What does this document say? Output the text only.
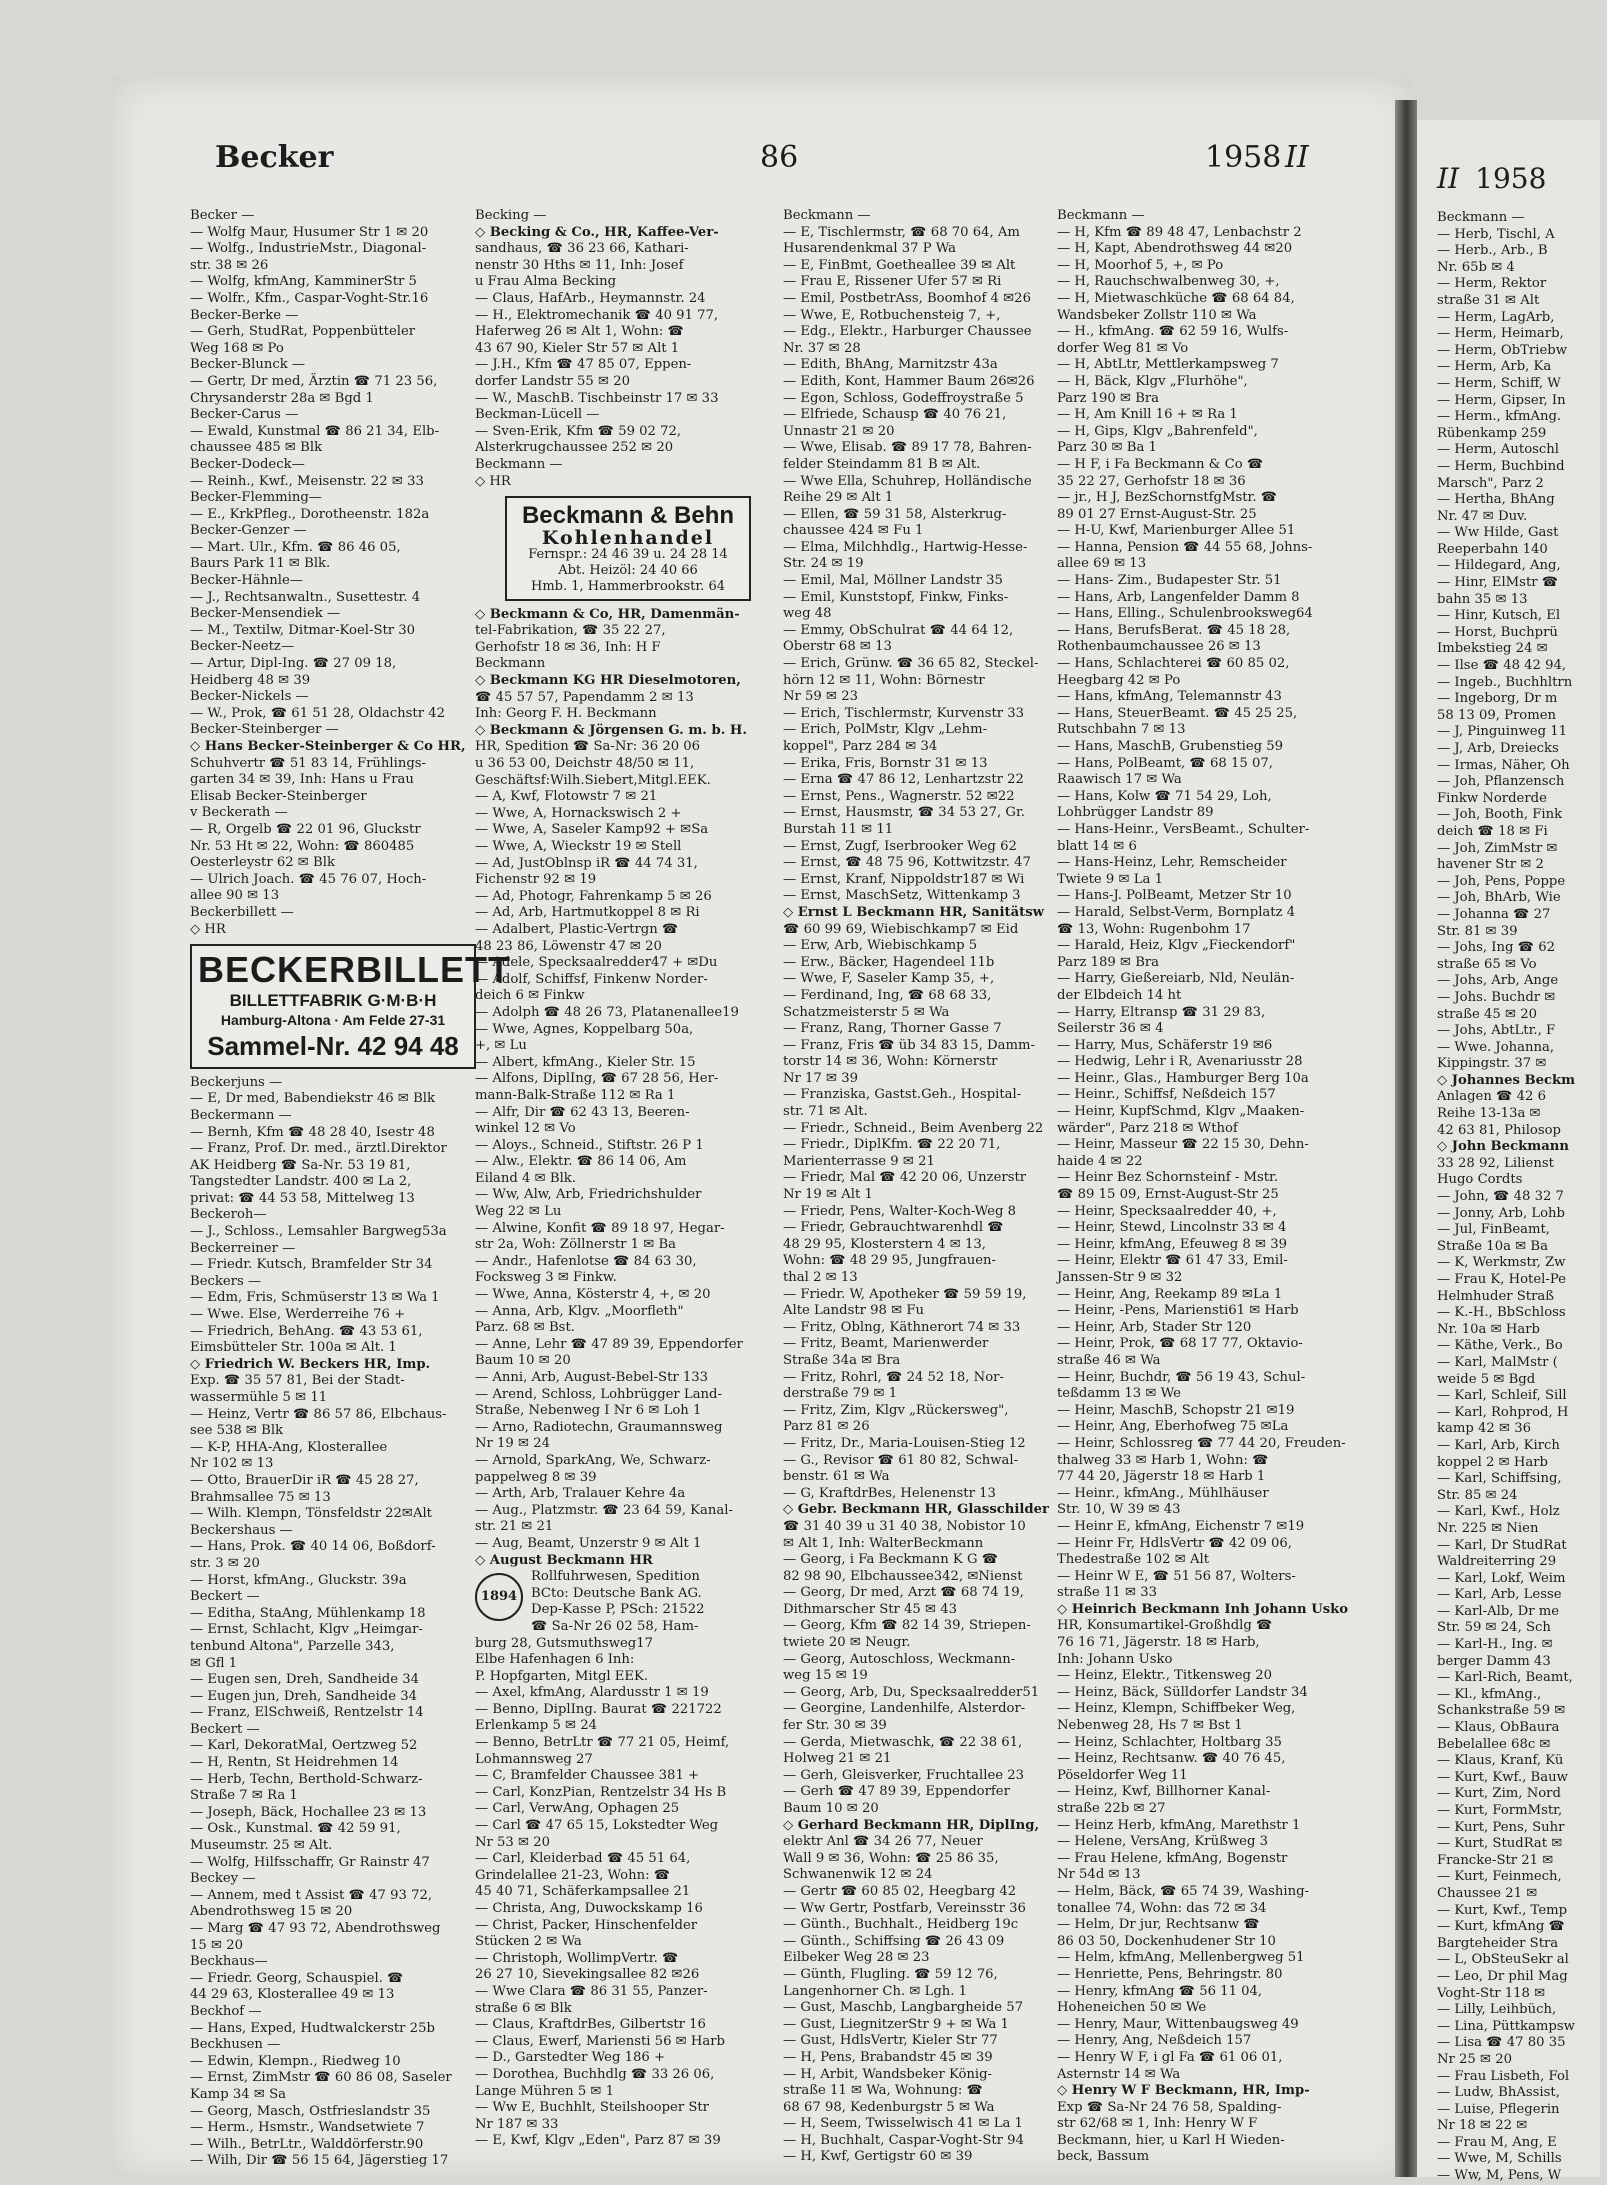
Becker	86	1958 II
Becker —
— Wolfg Maur, Husumer Str 1 ✉ 20
— Wolfg., IndustrieMstr., Diagonal-
str. 38 ✉ 26
— Wolfg, kfmAng, KamminerStr 5
— Wolfr., Kfm., Caspar-Voght-Str.16
Becker-Berke —
— Gerh, StudRat, Poppenbütteler
Weg 168 ✉ Po
Becker-Blunck —
— Gertr, Dr med, Ärztin ☎ 71 23 56,
Chrysanderstr 28a ✉ Bgd 1
Becker-Carus —
— Ewald, Kunstmal ☎ 86 21 34, Elb-
chaussee 485 ✉ Blk
Becker-Dodeck—
— Reinh., Kwf., Meisenstr. 22 ✉ 33
Becker-Flemming—
— E., KrkPfleg., Dorotheenstr. 182a
Becker-Genzer —
— Mart. Ulr., Kfm. ☎ 86 46 05,
Baurs Park 11 ✉ Blk.
Becker-Hähnle—
— J., Rechtsanwaltn., Susettestr. 4
Becker-Mensendiek —
— M., Textilw, Ditmar-Koel-Str 30
Becker-Neetz—
— Artur, Dipl-Ing. ☎ 27 09 18,
Heidberg 48 ✉ 39
Becker-Nickels —
— W., Prok, ☎ 61 51 28, Oldachstr 42
Becker-Steinberger —
◇ Hans Becker-Steinberger & Co HR,
Schuhvertr ☎ 51 83 14, Frühlings-
garten 34 ✉ 39, Inh: Hans u Frau
Elisab Becker-Steinberger
v Beckerath —
— R, Orgelb ☎ 22 01 96, Gluckstr
Nr. 53 Ht ✉ 22, Wohn: ☎ 860485
Oesterleystr 62 ✉ Blk
— Ulrich Joach. ☎ 45 76 07, Hoch-
allee 90 ✉ 13
Beckerbillett —
◇ HR
BECKERBILLETT
BILLETTFABRIK G·M·B·H
Hamburg-Altona · Am Felde 27-31
Sammel-Nr. 42 94 48
Beckerjuns —
— E, Dr med, Babendiekstr 46 ✉ Blk
Beckermann —
— Bernh, Kfm ☎ 48 28 40, Isestr 48
— Franz, Prof. Dr. med., ärztl.Direktor
AK Heidberg ☎ Sa-Nr. 53 19 81,
Tangstedter Landstr. 400 ✉ La 2,
privat: ☎ 44 53 58, Mittelweg 13
Beckeroh—
— J., Schloss., Lemsahler Bargweg53a
Beckerreiner —
— Friedr. Kutsch, Bramfelder Str 34
Beckers —
— Edm, Fris, Schmüserstr 13 ✉ Wa 1
— Wwe. Else, Werderreihe 76 +
— Friedrich, BehAng. ☎ 43 53 61,
Eimsbütteler Str. 100a ✉ Alt. 1
◇ Friedrich W. Beckers HR, Imp.
Exp. ☎ 35 57 81, Bei der Stadt-
wassermühle 5 ✉ 11
— Heinz, Vertr ☎ 86 57 86, Elbchaus-
see 538 ✉ Blk
— K-P, HHA-Ang, Klosterallee
Nr 102 ✉ 13
— Otto, BrauerDir iR ☎ 45 28 27,
Brahmsallee 75 ✉ 13
— Wilh. Klempn, Tönsfeldstr 22✉Alt
Beckershaus —
— Hans, Prok. ☎ 40 14 06, Boßdorf-
str. 3 ✉ 20
— Horst, kfmAng., Gluckstr. 39a
Beckert —
— Editha, StaAng, Mühlenkamp 18
— Ernst, Schlacht, Klgv „Heimgar-
tenbund Altona", Parzelle 343,
✉ Gfl 1
— Eugen sen, Dreh, Sandheide 34
— Eugen jun, Dreh, Sandheide 34
— Franz, ElSchweiß, Rentzelstr 14
Beckert —
— Karl, DekoratMal, Oertzweg 52
— H, Rentn, St Heidrehmen 14
— Herb, Techn, Berthold-Schwarz-
Straße 7 ✉ Ra 1
— Joseph, Bäck, Hochallee 23 ✉ 13
— Osk., Kunstmal. ☎ 42 59 91,
Museumstr. 25 ✉ Alt.
— Wolfg, Hilfsschaffr, Gr Rainstr 47
Beckey —
— Annem, med t Assist ☎ 47 93 72,
Abendrothsweg 15 ✉ 20
— Marg ☎ 47 93 72, Abendrothsweg
15 ✉ 20
Beckhaus—
— Friedr. Georg, Schauspiel. ☎
44 29 63, Klosterallee 49 ✉ 13
Beckhof —
— Hans, Exped, Hudtwalckerstr 25b
Beckhusen —
— Edwin, Klempn., Riedweg 10
— Ernst, ZimMstr ☎ 60 86 08, Saseler
Kamp 34 ✉ Sa
— Georg, Masch, Ostfrieslandstr 35
— Herm., Hsmstr., Wandsetwiete 7
— Wilh., BetrLtr., Walddörferstr.90
— Wilh, Dir ☎ 56 15 64, Jägerstieg 17
Becking —
◇ Becking & Co., HR, Kaffee-Ver-
sandhaus, ☎ 36 23 66, Kathari-
nenstr 30 Hths ✉ 11, Inh: Josef
u Frau Alma Becking
— Claus, HafArb., Heymannstr. 24
— H., Elektromechanik ☎ 40 91 77,
Haferweg 26 ✉ Alt 1, Wohn: ☎
43 67 90, Kieler Str 57 ✉ Alt 1
— J.H., Kfm ☎ 47 85 07, Eppen-
dorfer Landstr 55 ✉ 20
— W., MaschB. Tischbeinstr 17 ✉ 33
Beckman-Lücell —
— Sven-Erik, Kfm ☎ 59 02 72,
Alsterkrugchaussee 252 ✉ 20
Beckmann —
◇ HR
Beckmann & Behn
Kohlenhandel
Fernspr.: 24 46 39 u. 24 28 14
Abt. Heizöl: 24 40 66
Hmb. 1, Hammerbrookstr. 64
◇ Beckmann & Co, HR, Damenmän-
tel-Fabrikation, ☎ 35 22 27,
Gerhofstr 18 ✉ 36, Inh: H F
Beckmann
◇ Beckmann KG HR Dieselmotoren,
☎ 45 57 57, Papendamm 2 ✉ 13
Inh: Georg F. H. Beckmann
◇ Beckmann & Jörgensen G. m. b. H.
HR, Spedition ☎ Sa-Nr: 36 20 06
u 36 53 00, Deichstr 48/50 ✉ 11,
Geschäftsf:Wilh.Siebert,Mitgl.EEK.
— A, Kwf, Flotowstr 7 ✉ 21
— Wwe, A, Hornackswisch 2 +
— Wwe, A, Saseler Kamp92 + ✉Sa
— Wwe, A, Wieckstr 19 ✉ Stell
— Ad, JustOblnsp iR ☎ 44 74 31,
Fichenstr 92 ✉ 19
— Ad, Photogr, Fahrenkamp 5 ✉ 26
— Ad, Arb, Hartmutkoppel 8 ✉ Ri
— Adalbert, Plastic-Vertrgn ☎
48 23 86, Löwenstr 47 ✉ 20
— Adele, Specksaalredder47 + ✉Du
— Adolf, Schiffsf, Finkenw Norder-
deich 6 ✉ Finkw
— Adolph ☎ 48 26 73, Platanenallee19
— Wwe, Agnes, Koppelbarg 50a,
+, ✉ Lu
— Albert, kfmAng., Kieler Str. 15
— Alfons, DiplIng, ☎ 67 28 56, Her-
mann-Balk-Straße 112 ✉ Ra 1
— Alfr, Dir ☎ 62 43 13, Beeren-
winkel 12 ✉ Vo
— Aloys., Schneid., Stiftstr. 26 P 1
— Alw., Elektr. ☎ 86 14 06, Am
Eiland 4 ✉ Blk.
— Ww, Alw, Arb, Friedrichshulder
Weg 22 ✉ Lu
— Alwine, Konfit ☎ 89 18 97, Hegar-
str 2a, Woh: Zöllnerstr 1 ✉ Ba
— Andr., Hafenlotse ☎ 84 63 30,
Focksweg 3 ✉ Finkw.
— Wwe, Anna, Kösterstr 4, +, ✉ 20
— Anna, Arb, Klgv. „Moorfleth"
Parz. 68 ✉ Bst.
— Anne, Lehr ☎ 47 89 39, Eppendorfer
Baum 10 ✉ 20
— Anni, Arb, August-Bebel-Str 133
— Arend, Schloss, Lohbrügger Land-
Straße, Nebenweg I Nr 6 ✉ Loh 1
— Arno, Radiotechn, Graumannsweg
Nr 19 ✉ 24
— Arnold, SparkAng, We, Schwarz-
pappelweg 8 ✉ 39
— Arth, Arb, Tralauer Kehre 4a
— Aug., Platzmstr. ☎ 23 64 59, Kanal-
str. 21 ✉ 21
— Aug, Beamt, Unzerstr 9 ✉ Alt 1
◇ August Beckmann HR
1894
Rollfuhrwesen, Spedition
BCto: Deutsche Bank AG.
Dep-Kasse P, PSch: 21522
☎ Sa-Nr 26 02 58, Ham-
burg 28, Gutsmuthsweg17
Elbe Hafenhagen 6 Inh:
P. Hopfgarten, Mitgl EEK.
— Axel, kfmAng, Alardusstr 1 ✉ 19
— Benno, DiplIng. Baurat ☎ 221722
Erlenkamp 5 ✉ 24
— Benno, BetrLtr ☎ 77 21 05, Heimf,
Lohmannsweg 27
— C, Bramfelder Chaussee 381 +
— Carl, KonzPian, Rentzelstr 34 Hs B
— Carl, VerwAng, Ophagen 25
— Carl ☎ 47 65 15, Lokstedter Weg
Nr 53 ✉ 20
— Carl, Kleiderbad ☎ 45 51 64,
Grindelallee 21-23, Wohn: ☎
45 40 71, Schäferkampsallee 21
— Christa, Ang, Duwockskamp 16
— Christ, Packer, Hinschenfelder
Stücken 2 ✉ Wa
— Christoph, WollimpVertr. ☎
26 27 10, Sievekingsallee 82 ✉26
— Wwe Clara ☎ 86 31 55, Panzer-
straße 6 ✉ Blk
— Claus, KraftdrBes, Gilbertstr 16
— Claus, Ewerf, Mariensti 56 ✉ Harb
— D., Garstedter Weg 186 +
— Dorothea, Buchhdlg ☎ 33 26 06,
Lange Mühren 5 ✉ 1
— Ww E, Buchhlt, Steilshooper Str
Nr 187 ✉ 33
— E, Kwf, Klgv „Eden", Parz 87 ✉ 39
Beckmann —
— E, Tischlermstr, ☎ 68 70 64, Am
Husarendenkmal 37 P Wa
— E, FinBmt, Goetheallee 39 ✉ Alt
— Frau E, Rissener Ufer 57 ✉ Ri
— Emil, PostbetrAss, Boomhof 4 ✉26
— Wwe, E, Rotbuchensteig 7, +,
— Edg., Elektr., Harburger Chaussee
Nr. 37 ✉ 28
— Edith, BhAng, Marnitzstr 43a
— Edith, Kont, Hammer Baum 26✉26
— Egon, Schloss, Godeffroystraße 5
— Elfriede, Schausp ☎ 40 76 21,
Unnastr 21 ✉ 20
— Wwe, Elisab. ☎ 89 17 78, Bahren-
felder Steindamm 81 B ✉ Alt.
— Wwe Ella, Schuhrep, Holländische
Reihe 29 ✉ Alt 1
— Ellen, ☎ 59 31 58, Alsterkrug-
chaussee 424 ✉ Fu 1
— Elma, Milchhdlg., Hartwig-Hesse-
Str. 24 ✉ 19
— Emil, Mal, Möllner Landstr 35
— Emil, Kunststopf, Finkw, Finks-
weg 48
— Emmy, ObSchulrat ☎ 44 64 12,
Oberstr 68 ✉ 13
— Erich, Grünw. ☎ 36 65 82, Steckel-
hörn 12 ✉ 11, Wohn: Börnestr
Nr 59 ✉ 23
— Erich, Tischlermstr, Kurvenstr 33
— Erich, PolMstr, Klgv „Lehm-
koppel", Parz 284 ✉ 34
— Erika, Fris, Bornstr 31 ✉ 13
— Erna ☎ 47 86 12, Lenhartzstr 22
— Ernst, Pens., Wagnerstr. 52 ✉22
— Ernst, Hausmstr, ☎ 34 53 27, Gr.
Burstah 11 ✉ 11
— Ernst, Zugf, Iserbrooker Weg 62
— Ernst, ☎ 48 75 96, Kottwitzstr. 47
— Ernst, Kranf, Nippoldstr187 ✉ Wi
— Ernst, MaschSetz, Wittenkamp 3
◇ Ernst L Beckmann HR, Sanitätsw
☎ 60 99 69, Wiebischkamp7 ✉ Eid
— Erw, Arb, Wiebischkamp 5
— Erw., Bäcker, Hagendeel 11b
— Wwe, F, Saseler Kamp 35, +,
— Ferdinand, Ing, ☎ 68 68 33,
Schatzmeisterstr 5 ✉ Wa
— Franz, Rang, Thorner Gasse 7
— Franz, Fris ☎ üb 34 83 15, Damm-
torstr 14 ✉ 36, Wohn: Körnerstr
Nr 17 ✉ 39
— Franziska, Gastst.Geh., Hospital-
str. 71 ✉ Alt.
— Friedr., Schneid., Beim Avenberg 22
— Friedr., DiplKfm. ☎ 22 20 71,
Marienterrasse 9 ✉ 21
— Friedr, Mal ☎ 42 20 06, Unzerstr
Nr 19 ✉ Alt 1
— Friedr, Pens, Walter-Koch-Weg 8
— Friedr, Gebrauchtwarenhdl ☎
48 29 95, Klosterstern 4 ✉ 13,
Wohn: ☎ 48 29 95, Jungfrauen-
thal 2 ✉ 13
— Friedr. W, Apotheker ☎ 59 59 19,
Alte Landstr 98 ✉ Fu
— Fritz, Oblng, Käthnerort 74 ✉ 33
— Fritz, Beamt, Marienwerder
Straße 34a ✉ Bra
— Fritz, Rohrl, ☎ 24 52 18, Nor-
derstraße 79 ✉ 1
— Fritz, Zim, Klgv „Rückersweg",
Parz 81 ✉ 26
— Fritz, Dr., Maria-Louisen-Stieg 12
— G., Revisor ☎ 61 80 82, Schwal-
benstr. 61 ✉ Wa
— G, KraftdrBes, Helenenstr 13
◇ Gebr. Beckmann HR, Glasschilder
☎ 31 40 39 u 31 40 38, Nobistor 10
✉ Alt 1, Inh: WalterBeckmann
— Georg, i Fa Beckmann K G ☎
82 98 90, Elbchaussee342, ✉Nienst
— Georg, Dr med, Arzt ☎ 68 74 19,
Dithmarscher Str 45 ✉ 43
— Georg, Kfm ☎ 82 14 39, Striepen-
twiete 20 ✉ Neugr.
— Georg, Autoschloss, Weckmann-
weg 15 ✉ 19
— Georg, Arb, Du, Specksaalredder51
— Georgine, Landenhilfe, Alsterdor-
fer Str. 30 ✉ 39
— Gerda, Mietwaschk, ☎ 22 38 61,
Holweg 21 ✉ 21
— Gerh, Gleisverker, Fruchtallee 23
— Gerh ☎ 47 89 39, Eppendorfer
Baum 10 ✉ 20
◇ Gerhard Beckmann HR, DiplIng,
elektr Anl ☎ 34 26 77, Neuer
Wall 9 ✉ 36, Wohn: ☎ 25 86 35,
Schwanenwik 12 ✉ 24
— Gertr ☎ 60 85 02, Heegbarg 42
— Ww Gertr, Postfarb, Vereinsstr 36
— Günth., Buchhalt., Heidberg 19c
— Günth., Schiffsing ☎ 26 43 09
Eilbeker Weg 28 ✉ 23
— Günth, Flugling. ☎ 59 12 76,
Langenhorner Ch. ✉ Lgh. 1
— Gust, Maschb, Langbargheide 57
— Gust, LiegnitzerStr 9 + ✉ Wa 1
— Gust, HdlsVertr, Kieler Str 77
— H, Pens, Brabandstr 45 ✉ 39
— H, Arbit, Wandsbeker König-
straße 11 ✉ Wa, Wohnung: ☎
68 67 98, Kedenburgstr 5 ✉ Wa
— H, Seem, Twisselwisch 41 ✉ La 1
— H, Buchhalt, Caspar-Voght-Str 94
— H, Kwf, Gertigstr 60 ✉ 39
Beckmann —
— H, Kfm ☎ 89 48 47, Lenbachstr 2
— H, Kapt, Abendrothsweg 44 ✉20
— H, Moorhof 5, +, ✉ Po
— H, Rauchschwalbenweg 30, +,
— H, Mietwaschküche ☎ 68 64 84,
Wandsbeker Zollstr 110 ✉ Wa
— H., kfmAng. ☎ 62 59 16, Wulfs-
dorfer Weg 81 ✉ Vo
— H, AbtLtr, Mettlerkampsweg 7
— H, Bäck, Klgv „Flurhöhe",
Parz 190 ✉ Bra
— H, Am Knill 16 + ✉ Ra 1
— H, Gips, Klgv „Bahrenfeld",
Parz 30 ✉ Ba 1
— H F, i Fa Beckmann & Co ☎
35 22 27, Gerhofstr 18 ✉ 36
— jr., H J, BezSchornstfgMstr. ☎
89 01 27 Ernst-August-Str. 25
— H-U, Kwf, Marienburger Allee 51
— Hanna, Pension ☎ 44 55 68, Johns-
allee 69 ✉ 13
— Hans- Zim., Budapester Str. 51
— Hans, Arb, Langenfelder Damm 8
— Hans, Elling., Schulenbrooksweg64
— Hans, BerufsBerat. ☎ 45 18 28,
Rothenbaumchaussee 26 ✉ 13
— Hans, Schlachterei ☎ 60 85 02,
Heegbarg 42 ✉ Po
— Hans, kfmAng, Telemannstr 43
— Hans, SteuerBeamt. ☎ 45 25 25,
Rutschbahn 7 ✉ 13
— Hans, MaschB, Grubenstieg 59
— Hans, PolBeamt, ☎ 68 15 07,
Raawisch 17 ✉ Wa
— Hans, Kolw ☎ 71 54 29, Loh,
Lohbrügger Landstr 89
— Hans-Heinr., VersBeamt., Schulter-
blatt 14 ✉ 6
— Hans-Heinz, Lehr, Remscheider
Twiete 9 ✉ La 1
— Hans-J. PolBeamt, Metzer Str 10
— Harald, Selbst-Verm, Bornplatz 4
☎ 13, Wohn: Rugenbohm 17
— Harald, Heiz, Klgv „Fieckendorf"
Parz 189 ✉ Bra
— Harry, Gießereiarb, Nld, Neulän-
der Elbdeich 14 ht
— Harry, Eltransp ☎ 31 29 83,
Seilerstr 36 ✉ 4
— Harry, Mus, Schäferstr 19 ✉6
— Hedwig, Lehr i R, Avenariusstr 28
— Heinr., Glas., Hamburger Berg 10a
— Heinr., Schiffsf, Neßdeich 157
— Heinr, KupfSchmd, Klgv „Maaken-
wärder", Parz 218 ✉ Wthof
— Heinr, Masseur ☎ 22 15 30, Dehn-
haide 4 ✉ 22
— Heinr Bez Schornsteinf - Mstr.
☎ 89 15 09, Ernst-August-Str 25
— Heinr, Specksaalredder 40, +,
— Heinr, Stewd, Lincolnstr 33 ✉ 4
— Heinr, kfmAng, Efeuweg 8 ✉ 39
— Heinr, Elektr ☎ 61 47 33, Emil-
Janssen-Str 9 ✉ 32
— Heinr, Ang, Reekamp 89 ✉La 1
— Heinr, -Pens, Mariensti61 ✉ Harb
— Heinr, Arb, Stader Str 120
— Heinr, Prok, ☎ 68 17 77, Oktavio-
straße 46 ✉ Wa
— Heinr, Buchdr, ☎ 56 19 43, Schul-
teßdamm 13 ✉ We
— Heinr, MaschB, Schopstr 21 ✉19
— Heinr, Ang, Eberhofweg 75 ✉La
— Heinr, Schlossreg ☎ 77 44 20, Freuden-
thalweg 33 ✉ Harb 1, Wohn: ☎
77 44 20, Jägerstr 18 ✉ Harb 1
— Heinr., kfmAng., Mühlhäuser
Str. 10, W 39 ✉ 43
— Heinr E, kfmAng, Eichenstr 7 ✉19
— Heinr Fr, HdlsVertr ☎ 42 09 06,
Thedestraße 102 ✉ Alt
— Heinr W E, ☎ 51 56 87, Wolters-
straße 11 ✉ 33
◇ Heinrich Beckmann Inh Johann Usko
HR, Konsumartikel-Großhdlg ☎
76 16 71, Jägerstr. 18 ✉ Harb,
Inh: Johann Usko
— Heinz, Elektr., Titkensweg 20
— Heinz, Bäck, Sülldorfer Landstr 34
— Heinz, Klempn, Schiffbeker Weg,
Nebenweg 28, Hs 7 ✉ Bst 1
— Heinz, Schlachter, Holtbarg 35
— Heinz, Rechtsanw. ☎ 40 76 45,
Pöseldorfer Weg 11
— Heinz, Kwf, Billhorner Kanal-
straße 22b ✉ 27
— Heinz Herb, kfmAng, Marethstr 1
— Helene, VersAng, Krüßweg 3
— Frau Helene, kfmAng, Bogenstr
Nr 54d ✉ 13
— Helm, Bäck, ☎ 65 74 39, Washing-
tonallee 74, Wohn: das 72 ✉ 34
— Helm, Dr jur, Rechtsanw ☎
86 03 50, Dockenhudener Str 10
— Helm, kfmAng, Mellenbergweg 51
— Henriette, Pens, Behringstr. 80
— Henry, kfmAng ☎ 56 11 04,
Hoheneichen 50 ✉ We
— Henry, Maur, Wittenbaugsweg 49
— Henry, Ang, Neßdeich 157
— Henry W F, i gl Fa ☎ 61 06 01,
Asternstr 14 ✉ Wa
◇ Henry W F Beckmann, HR, Imp-
Exp ☎ Sa-Nr 24 76 58, Spalding-
str 62/68 ✉ 1, Inh: Henry W F
Beckmann, hier, u Karl H Wieden-
beck, Bassum
II 1958
Beckmann —
— Herb, Tischl, A
— Herb., Arb., B
Nr. 65b ✉ 4
— Herm, Rektor
straße 31 ✉ Alt
— Herm, LagArb,
— Herm, Heimarb,
— Herm, ObTriebw
— Herm, Arb, Ka
— Herm, Schiff, W
— Herm, Gipser, In
— Herm., kfmAng.
Rübenkamp 259
— Herm, Autoschl
— Herm, Buchbind
Marsch", Parz 2
— Hertha, BhAng
Nr. 47 ✉ Duv.
— Ww Hilde, Gast
Reeperbahn 140
— Hildegard, Ang,
— Hinr, ElMstr ☎
bahn 35 ✉ 13
— Hinr, Kutsch, El
— Horst, Buchprü
Imbekstieg 24 ✉
— Ilse ☎ 48 42 94,
— Ingeb., Buchhltrn
— Ingeborg, Dr m
58 13 09, Promen
— J, Pinguinweg 11
— J, Arb, Dreiecks
— Irmas, Näher, Oh
— Joh, Pflanzensch
Finkw Norderde
— Joh, Booth, Fink
deich ☎ 18 ✉ Fi
— Joh, ZimMstr ✉
havener Str ✉ 2
— Joh, Pens, Poppe
— Joh, BhArb, Wie
— Johanna ☎ 27
Str. 81 ✉ 39
— Johs, Ing ☎ 62
straße 65 ✉ Vo
— Johs, Arb, Ange
— Johs. Buchdr ✉
straße 45 ✉ 20
— Johs, AbtLtr., F
— Wwe. Johanna,
Kippingstr. 37 ✉
◇ Johannes Beckm
Anlagen ☎ 42 6
Reihe 13-13a ✉
42 63 81, Philosop
◇ John Beckmann
33 28 92, Lilienst
Hugo Cordts
— John, ☎ 48 32 7
— Jonny, Arb, Lohb
— Jul, FinBeamt,
Straße 10a ✉ Ba
— K, Werkmstr, Zw
— Frau K, Hotel-Pe
Helmhuder Straß
— K.-H., BbSchloss
Nr. 10a ✉ Harb
— Käthe, Verk., Bo
— Karl, MalMstr (
weide 5 ✉ Bgd
— Karl, Schleif, Sill
— Karl, Rohprod, H
kamp 42 ✉ 36
— Karl, Arb, Kirch
koppel 2 ✉ Harb
— Karl, Schiffsing,
Str. 85 ✉ 24
— Karl, Kwf., Holz
Nr. 225 ✉ Nien
— Karl, Dr StudRat
Waldreiterring 29
— Karl, Lokf, Weim
— Karl, Arb, Lesse
— Karl-Alb, Dr me
Str. 59 ✉ 24, Sch
— Karl-H., Ing. ✉
berger Damm 43
— Karl-Rich, Beamt,
— Kl., kfmAng.,
Schankstraße 59 ✉
— Klaus, ObBaura
Bebelallee 68c ✉
— Klaus, Kranf, Kü
— Kurt, Kwf., Bauw
— Kurt, Zim, Nord
— Kurt, FormMstr,
— Kurt, Pens, Suhr
— Kurt, StudRat ✉
Francke-Str 21 ✉
— Kurt, Feinmech,
Chaussee 21 ✉
— Kurt, Kwf., Temp
— Kurt, kfmAng ☎
Bargteheider Stra
— L, ObSteuSekr al
— Leo, Dr phil Mag
Voght-Str 118 ✉
— Lilly, Leihbüch,
— Lina, Püttkampsw
— Lisa ☎ 47 80 35
Nr 25 ✉ 20
— Frau Lisbeth, Fol
— Ludw, BhAssist,
— Luise, Pflegerin
Nr 18 ✉ 22 ✉
— Frau M, Ang, E
— Wwe, M, Schills
— Ww, M, Pens, W
